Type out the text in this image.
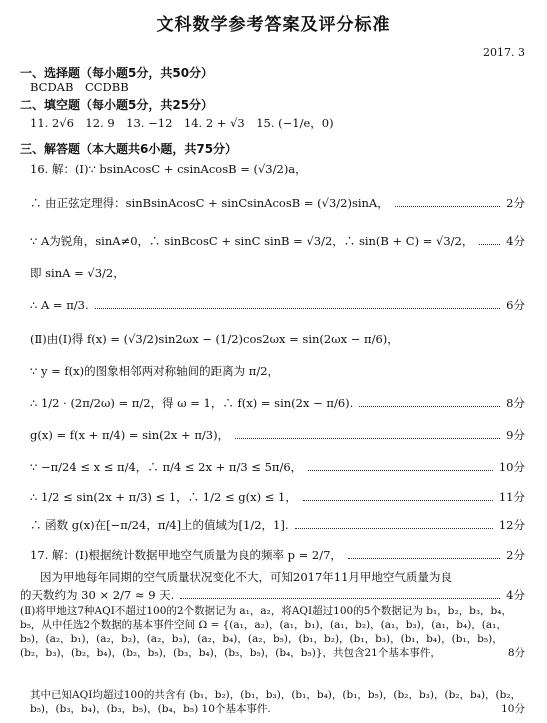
文科数学参考答案及评分标准
2017. 3
一、选择题（每小题5分，共50分）
BCDAB　CCDBB
二、填空题（每小题5分，共25分）
11. 2√6　12. 9　13. −12　14. 2 + √3　15. (−1/e，0)
三、解答题（本大题共6小题，共75分）
16. 解：(Ⅰ)∵ bsinAcosC + csinAcosB = (√3/2)a，
∴ 由正弦定理得：sinBsinAcosC + sinCsinAcosB = (√3/2)sinA，	2分
∵ A为锐角，sinA≠0，∴ sinBcosC + sinC sinB = √3/2，∴ sin(B + C) = √3/2，	4分
即 sinA = √3/2，
∴ A = π/3.	6分
(Ⅱ)由(Ⅰ)得 f(x) = (√3/2)sin2ωx − (1/2)cos2ωx = sin(2ωx − π/6)，
∵ y = f(x)的图象相邻两对称轴间的距离为 π/2，
∴ 1/2 · (2π/2ω) = π/2，得 ω = 1，∴ f(x) = sin(2x − π/6).	8分
g(x) = f(x + π/4) = sin(2x + π/3)，	9分
∵ −π/24 ≤ x ≤ π/4，∴ π/4 ≤ 2x + π/3 ≤ 5π/6，	10分
∴ 1/2 ≤ sin(2x + π/3) ≤ 1，∴ 1/2 ≤ g(x) ≤ 1，	11分
∴ 函数 g(x)在[−π/24，π/4]上的值域为[1/2，1].	12分
17. 解：(Ⅰ)根据统计数据甲地空气质量为良的频率 p = 2/7，	2分
因为甲地每年同期的空气质量状况变化不大，可知2017年11月甲地空气质量为良
的天数约为 30 × 2/7 ≈ 9 天.	4分
(Ⅱ)将甲地这7种AQI不超过100的2个数据记为 a₁，a₂，将AQI超过100的5个数据记为 b₁，b₂，b₃，b₄，b₅，从中任选2个数据的基本事件空间 Ω = {(a₁，a₂)，(a₁，b₁)，(a₁，b₂)，(a₁，b₃)，(a₁，b₄)，(a₁，b₅)，(a₂，b₁)，(a₂，b₂)，(a₂，b₃)，(a₂，b₄)，(a₂，b₅)，(b₁，b₂)，(b₁，b₃)，(b₁，b₄)，(b₁，b₅)，(b₂，b₃)，(b₂，b₄)，(b₂，b₅)，(b₃，b₄)，(b₃，b₅)，(b₄，b₅)}，共包含21个基本事件，	8分
其中已知AQI均超过100的共含有 (b₁，b₂)，(b₁，b₃)，(b₁，b₄)，(b₁，b₅)，(b₂，b₃)，(b₂，b₄)，(b₂，b₅)，(b₃，b₄)，(b₃，b₅)，(b₄，b₅) 10个基本事件.	10分
